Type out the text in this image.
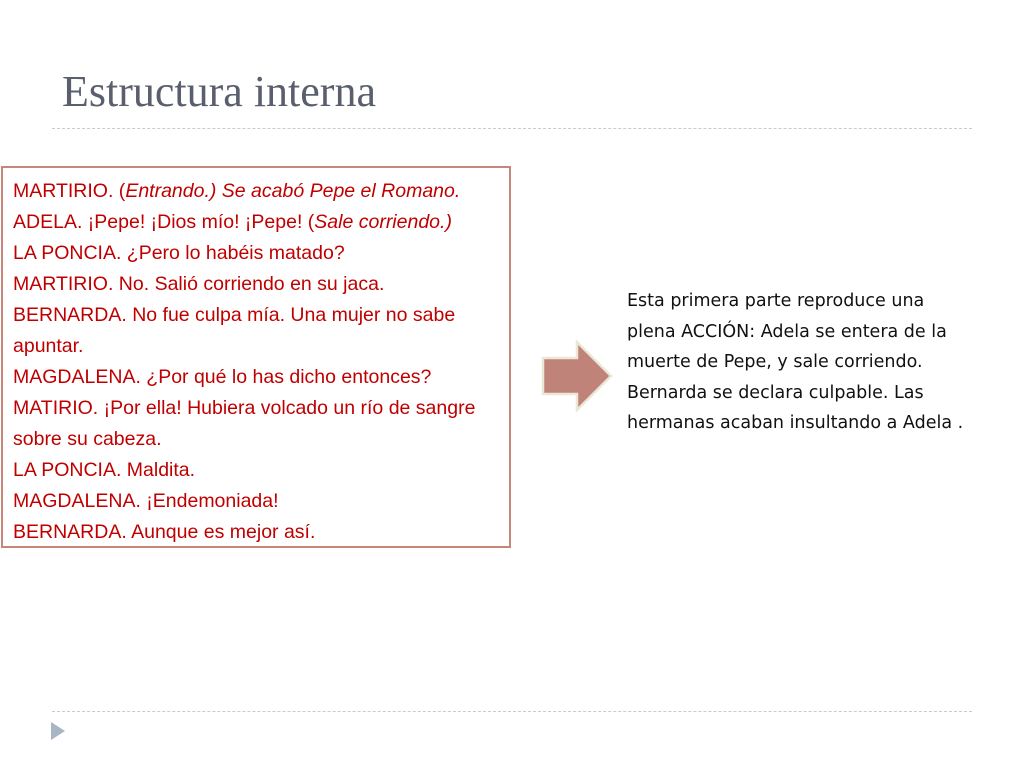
Estructura interna
MARTIRIO. (Entrando.) Se acabó Pepe el Romano.
ADELA. ¡Pepe! ¡Dios mío! ¡Pepe! (Sale corriendo.)
LA PONCIA. ¿Pero lo habéis matado?
MARTIRIO. No. Salió corriendo en su jaca.
BERNARDA. No fue culpa mía. Una mujer no sabe apuntar.
MAGDALENA. ¿Por qué lo has dicho entonces?
MATIRIO. ¡Por ella! Hubiera volcado un río de sangre sobre su cabeza.
LA PONCIA. Maldita.
MAGDALENA. ¡Endemoniada!
BERNARDA. Aunque es mejor así.
Esta primera parte reproduce una plena ACCIÓN: Adela se entera de la muerte de Pepe, y sale corriendo. Bernarda se declara culpable. Las hermanas acaban insultando a Adela .
